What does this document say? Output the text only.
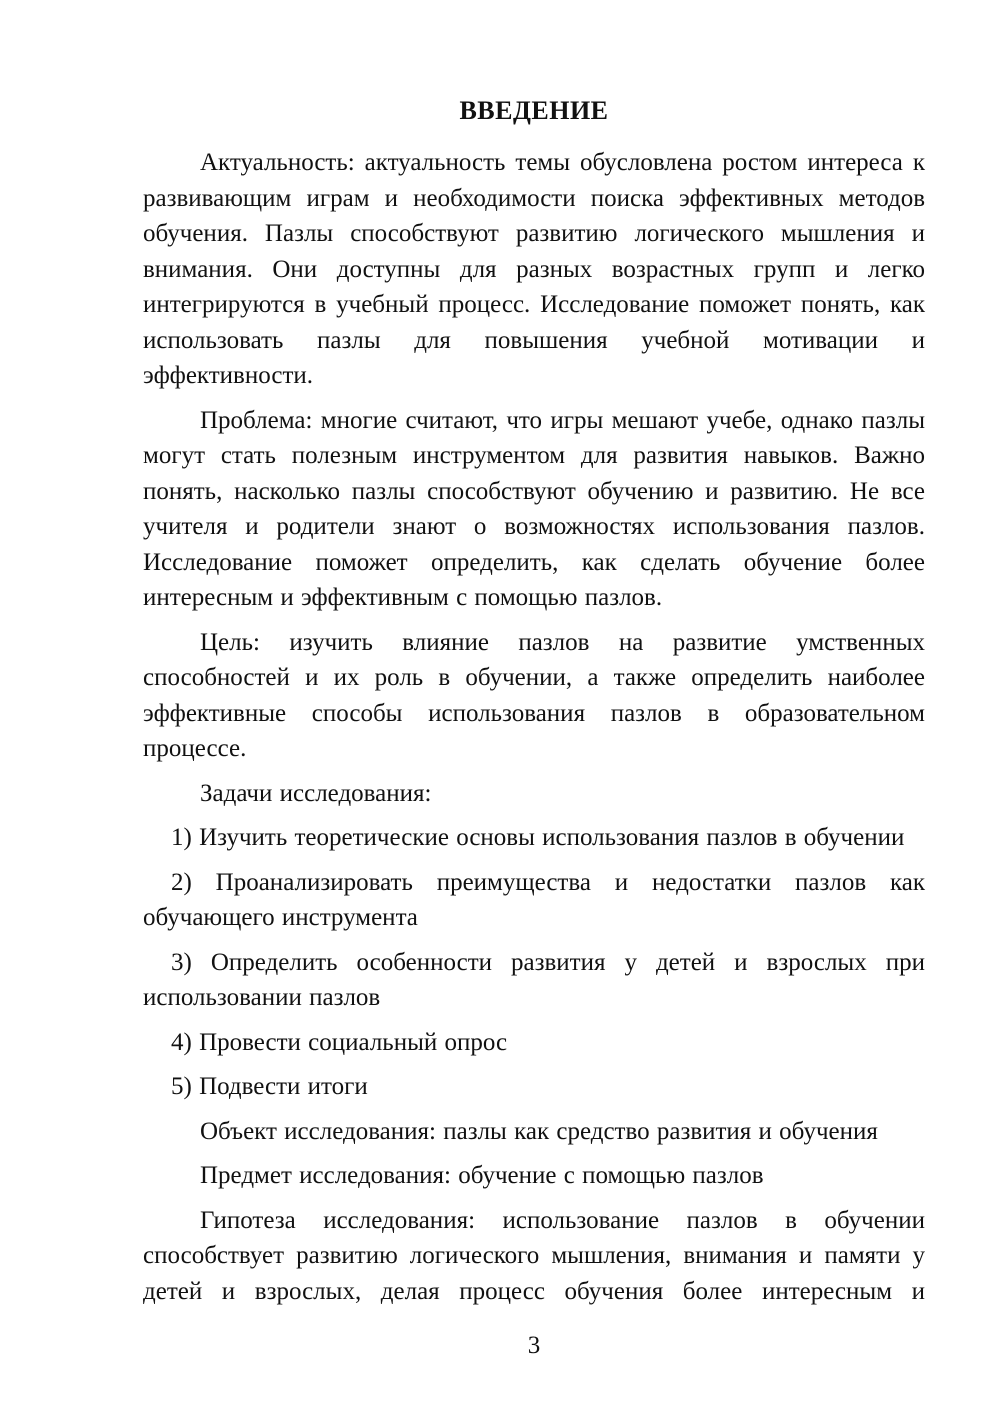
ВВЕДЕНИЕ

Актуальность: актуальность темы обусловлена ростом интереса к развивающим играм и необходимости поиска эффективных методов обучения. Пазлы способствуют развитию логического мышления и внимания. Они доступны для разных возрастных групп и легко интегрируются в учебный процесс. Исследование поможет понять, как использовать пазлы для повышения учебной мотивации и эффективности.

Проблема: многие считают, что игры мешают учебе, однако пазлы могут стать полезным инструментом для развития навыков. Важно понять, насколько пазлы способствуют обучению и развитию. Не все учителя и родители знают о возможностях использования пазлов. Исследование поможет определить, как сделать обучение более интересным и эффективным с помощью пазлов.

Цель: изучить влияние пазлов на развитие умственных способностей и их роль в обучении, а также определить наиболее эффективные способы использования пазлов в образовательном процессе.

Задачи исследования:

1) Изучить теоретические основы использования пазлов в обучении

2) Проанализировать преимущества и недостатки пазлов как обучающего инструмента

3) Определить особенности развития у детей и взрослых при использовании пазлов

4) Провести социальный опрос

5) Подвести итоги

Объект исследования: пазлы как средство развития и обучения

Предмет исследования: обучение с помощью пазлов

Гипотеза исследования: использование пазлов в обучении способствует развитию логического мышления, внимания и памяти у детей и взрослых, делая процесс обучения более интересным и

3
